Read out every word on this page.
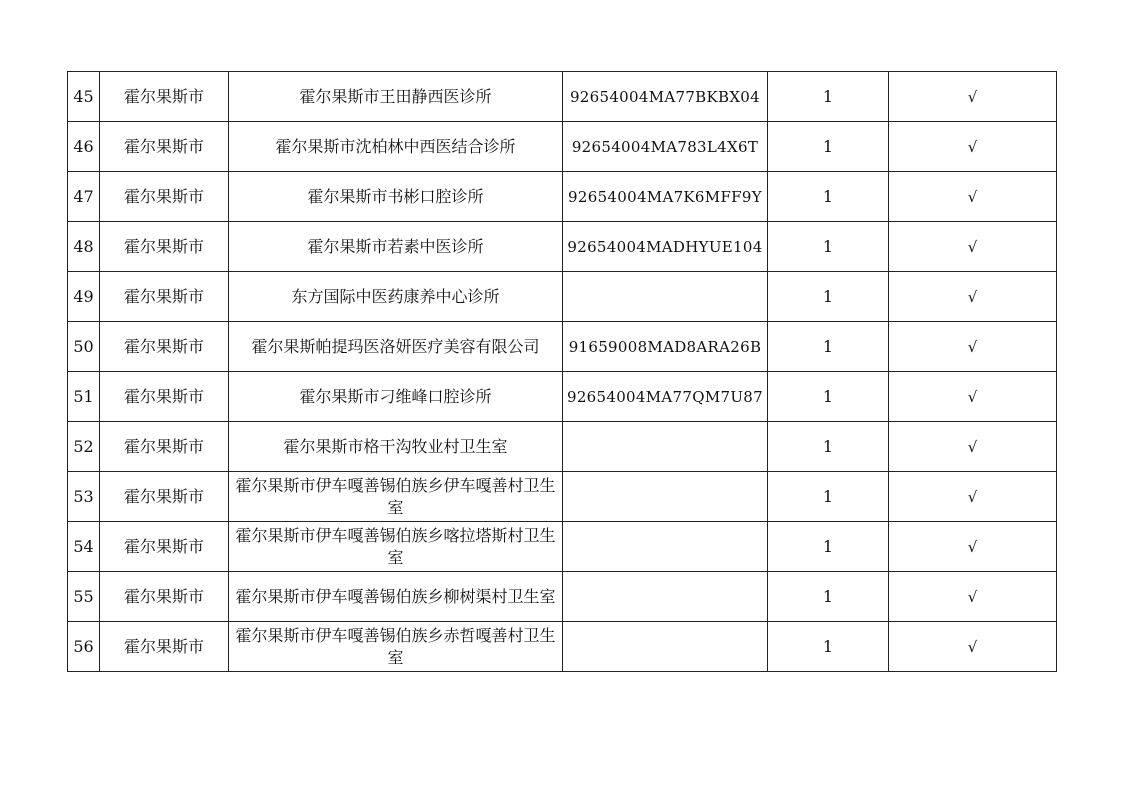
45	霍尔果斯市	霍尔果斯市王田静西医诊所	92654004MA77BKBX04	1	√
46	霍尔果斯市	霍尔果斯市沈柏林中西医结合诊所	92654004MA783L4X6T	1	√
47	霍尔果斯市	霍尔果斯市书彬口腔诊所	92654004MA7K6MFF9Y	1	√
48	霍尔果斯市	霍尔果斯市若素中医诊所	92654004MADHYUE104	1	√
49	霍尔果斯市	东方国际中医药康养中心诊所		1	√
50	霍尔果斯市	霍尔果斯帕提玛医洛妍医疗美容有限公司	91659008MAD8ARA26B	1	√
51	霍尔果斯市	霍尔果斯市刁维峰口腔诊所	92654004MA77QM7U87	1	√
52	霍尔果斯市	霍尔果斯市格干沟牧业村卫生室		1	√
53	霍尔果斯市	霍尔果斯市伊车嘎善锡伯族乡伊车嘎善村卫生室		1	√
54	霍尔果斯市	霍尔果斯市伊车嘎善锡伯族乡喀拉塔斯村卫生室		1	√
55	霍尔果斯市	霍尔果斯市伊车嘎善锡伯族乡柳树渠村卫生室		1	√
56	霍尔果斯市	霍尔果斯市伊车嘎善锡伯族乡赤哲嘎善村卫生室		1	√
